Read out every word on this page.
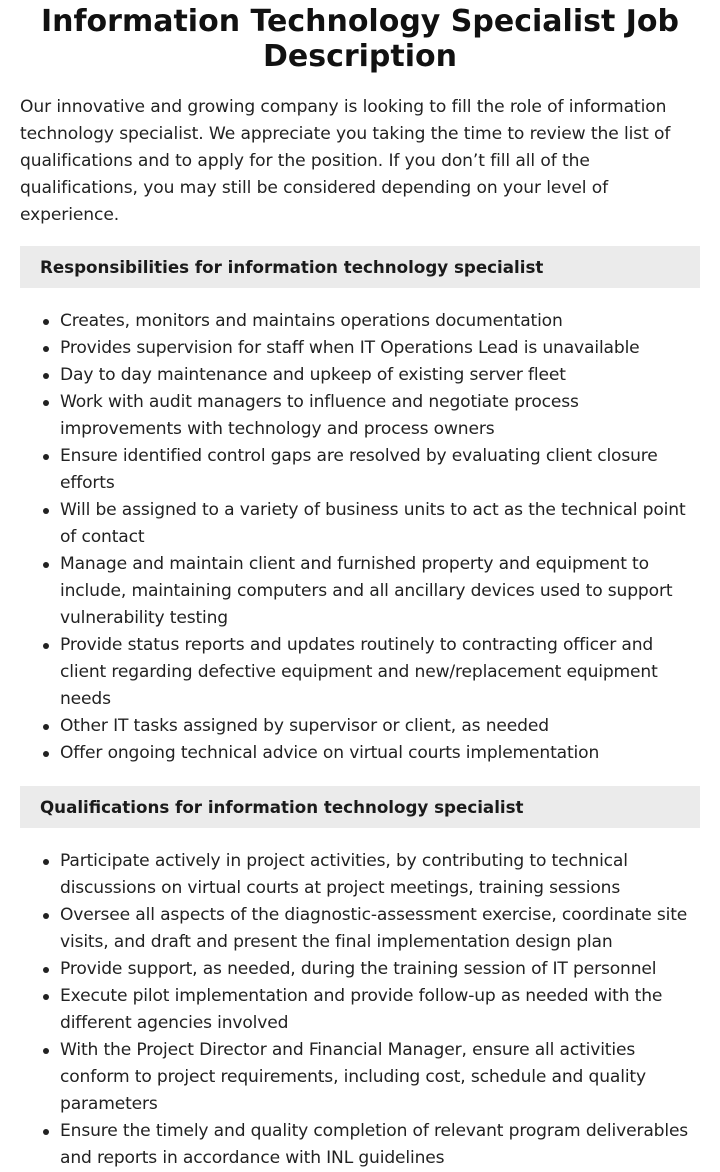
Information Technology Specialist Job Description

Our innovative and growing company is looking to fill the role of information technology specialist. We appreciate you taking the time to review the list of qualifications and to apply for the position. If you don’t fill all of the qualifications, you may still be considered depending on your level of experience.

Responsibilities for information technology specialist
Creates, monitors and maintains operations documentation
Provides supervision for staff when IT Operations Lead is unavailable
Day to day maintenance and upkeep of existing server fleet
Work with audit managers to influence and negotiate process improvements with technology and process owners
Ensure identified control gaps are resolved by evaluating client closure efforts
Will be assigned to a variety of business units to act as the technical point of contact
Manage and maintain client and furnished property and equipment to include, maintaining computers and all ancillary devices used to support vulnerability testing
Provide status reports and updates routinely to contracting officer and client regarding defective equipment and new/replacement equipment needs
Other IT tasks assigned by supervisor or client, as needed
Offer ongoing technical advice on virtual courts implementation
Qualifications for information technology specialist
Participate actively in project activities, by contributing to technical discussions on virtual courts at project meetings, training sessions
Oversee all aspects of the diagnostic-assessment exercise, coordinate site visits, and draft and present the final implementation design plan
Provide support, as needed, during the training session of IT personnel
Execute pilot implementation and provide follow-up as needed with the different agencies involved
With the Project Director and Financial Manager, ensure all activities conform to project requirements, including cost, schedule and quality parameters
Ensure the timely and quality completion of relevant program deliverables and reports in accordance with INL guidelines
